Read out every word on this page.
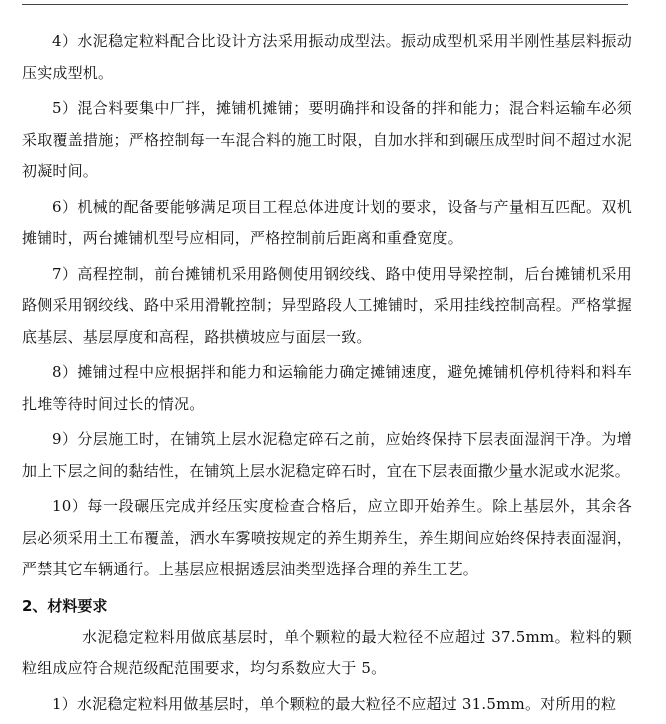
4）水泥稳定粒料配合比设计方法采用振动成型法。振动成型机采用半刚性基层料振动压实成型机。

5）混合料要集中厂拌，摊铺机摊铺；要明确拌和设备的拌和能力；混合料运输车必须采取覆盖措施；严格控制每一车混合料的施工时限，自加水拌和到碾压成型时间不超过水泥初凝时间。

6）机械的配备要能够满足项目工程总体进度计划的要求，设备与产量相互匹配。双机摊铺时，两台摊铺机型号应相同，严格控制前后距离和重叠宽度。

7）高程控制，前台摊铺机采用路侧使用钢绞线、路中使用导梁控制，后台摊铺机采用路侧采用钢绞线、路中采用滑靴控制；异型路段人工摊铺时，采用挂线控制高程。严格掌握底基层、基层厚度和高程，路拱横坡应与面层一致。

8）摊铺过程中应根据拌和能力和运输能力确定摊铺速度，避免摊铺机停机待料和料车扎堆等待时间过长的情况。

9）分层施工时，在铺筑上层水泥稳定碎石之前，应始终保持下层表面湿润干净。为增加上下层之间的黏结性，在铺筑上层水泥稳定碎石时，宜在下层表面撒少量水泥或水泥浆。

10）每一段碾压完成并经压实度检查合格后，应立即开始养生。除上基层外，其余各层必须采用土工布覆盖，洒水车雾喷按规定的养生期养生，养生期间应始终保持表面湿润，严禁其它车辆通行。上基层应根据透层油类型选择合理的养生工艺。

2、材料要求

水泥稳定粒料用做底基层时，单个颗粒的最大粒径不应超过 37.5mm。粒料的颗粒组成应符合规范级配范围要求，均匀系数应大于 5。

1）水泥稳定粒料用做基层时，单个颗粒的最大粒径不应超过 31.5mm。对所用的粒
